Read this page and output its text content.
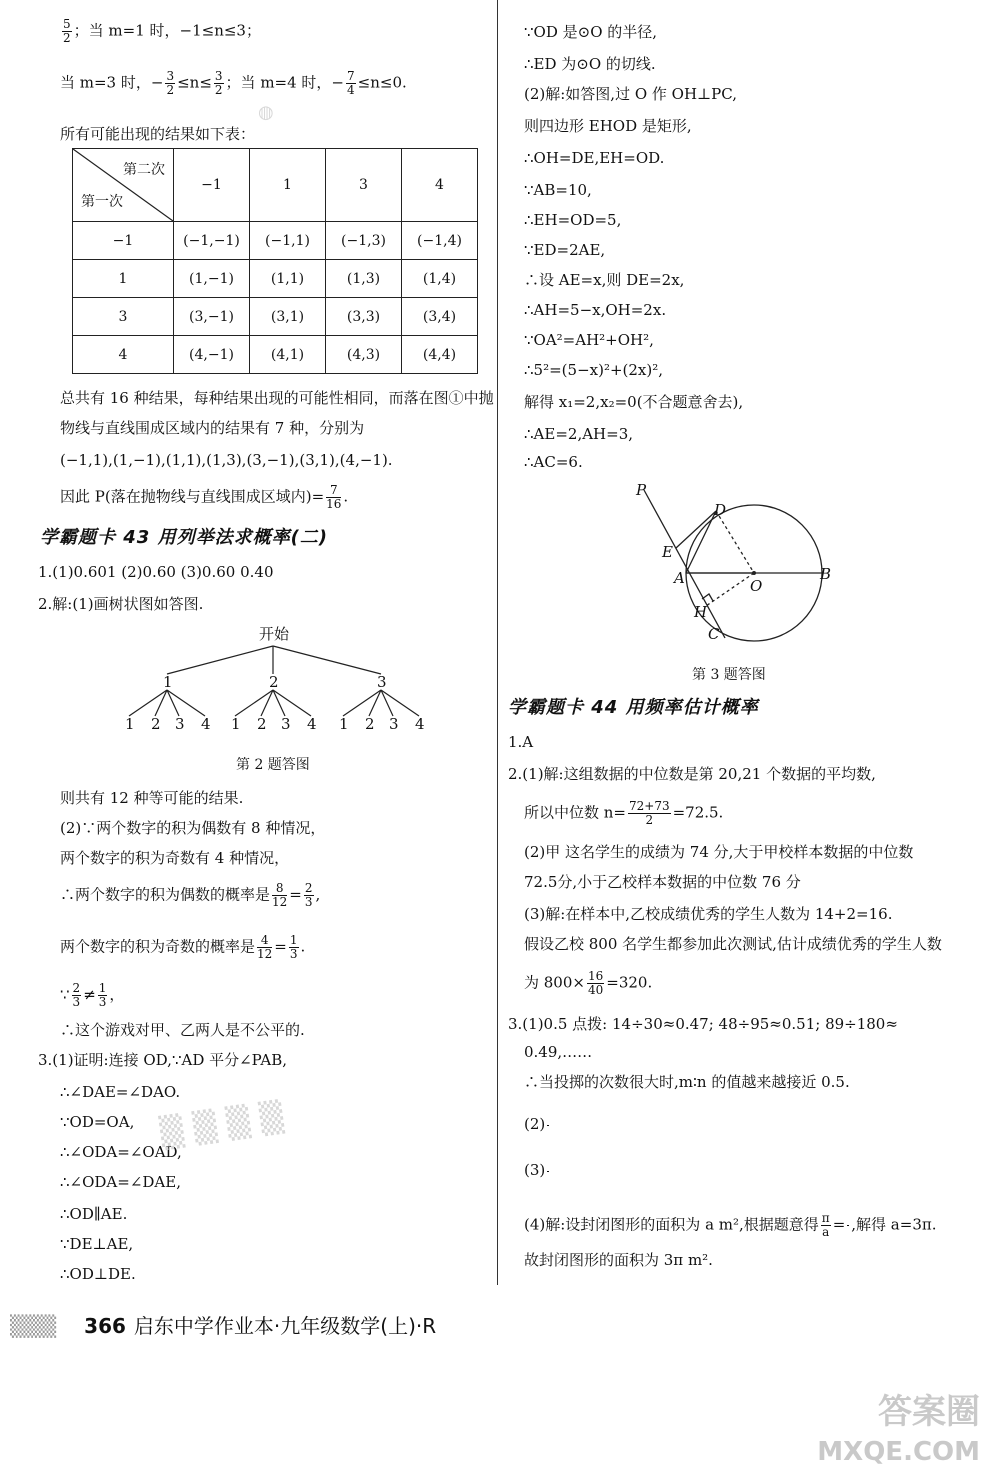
$\frac{5}{2}$ ；当 m=1 时，−1≤n≤3；
当 m=3 时，− $\frac{3}{2} \le n\le \frac{3}{2}$ ；当 m=4 时，− $\frac{7}{4} \le n\le 0$.
所有可能出现的结果如下表：
第二次
第一次	−1	1	3	4
−1	(−1,−1)	(−1,1)	(−1,3)	(−1,4)
1	(1,−1)	(1,1)	(1,3)	(1,4)
3	(3,−1)	(3,1)	(3,3)	(3,4)
4	(4,−1)	(4,1)	(4,3)	(4,4)
总共有 16 种结果，每种结果出现的可能性相同，而落在图①中抛
物线与直线围成区域内的结果有 7 种，分别为
(−1,1),(1,−1),(1,1),(1,3),(3,−1),(3,1),(4,−1).
因此 P(落在抛物线与直线围成区域内)= $\frac{7}{16}$ .
学霸题卡 43 用列举法求概率(二)
1.(1)0.601 (2)0.60 (3)0.60 0.40
2.解:(1)画树状图如答图.
开始
1	2	3
1 2 3 4 1 2 3 4 1 2 3 4
第 2 题答图
则共有 12 种等可能的结果.
(2)∵两个数字的积为偶数有 8 种情况，
两个数字的积为奇数有 4 种情况，
∴两个数字的积为偶数的概率是 $\frac{8}{12} = \frac{2}{3}$ ,
两个数字的积为奇数的概率是 $\frac{4}{12} = \frac{1}{3}$ .
∵ $\frac{2}{3} \ne \frac{1}{3}$ ，
∴这个游戏对甲、乙两人是不公平的.
3.(1)证明:连接 OD,∵AD 平分∠PAB,
∴∠DAE=∠DAO.
∵OD=OA,
∴∠ODA=∠OAD,
∴∠ODA=∠DAE,
∴OD∥AE.
∵DE⊥AE,
∴OD⊥DE.
∵OD 是⊙O 的半径,
∴ED 为⊙O 的切线.
(2)解:如答图,过 O 作 OH⊥PC,
则四边形 EHOD 是矩形,
∴OH=DE,EH=OD.
∵AB=10,
∴EH=OD=5,
∵ED=2AE,
∴设 AE=x,则 DE=2x,
∴AH=5−x,OH=2x.
∵OA²=AH²+OH²,
∴5²=(5−x)²+(2x)²,
解得 x₁=2,x₂=0(不合题意舍去),
∴AE=2,AH=3,
∴AC=6.
P
D
E
A	O
B
H
C
第 3 题答图
学霸题卡 44 用频率估计概率
1.A
2.(1)解:这组数据的中位数是第 20,21 个数据的平均数,
所以中位数 $n= \frac{72+73}{2} =72.5$.
(2)甲 这名学生的成绩为 74 分,大于甲校样本数据的中位数
72.5分,小于乙校样本数据的中位数 76 分
(3)解:在样本中,乙校成绩优秀的学生人数为 14+2=16.
假设乙校 800 名学生都参加此次测试,估计成绩优秀的学生人数
为 $800\times \frac{16}{40} =320$.
3.(1)0.5 点拨: 14÷30≈0.47; 48÷95≈0.51; 89÷180≈
0.49,……
∴当投掷的次数很大时,m∶n 的值越来越接近 0.5.
(2)
(3)
(4)解:设封闭图形的面积为 a m²,根据题意得 $\frac{\pi}{a}$ = ,解得 a=3π.
故封闭图形的面积为 3π m².
▒ ▒ ▒ ▒
◍
▒▒▒ 366 启东中学作业本·九年级数学(上)·R
答案圈
MXQE.COM
